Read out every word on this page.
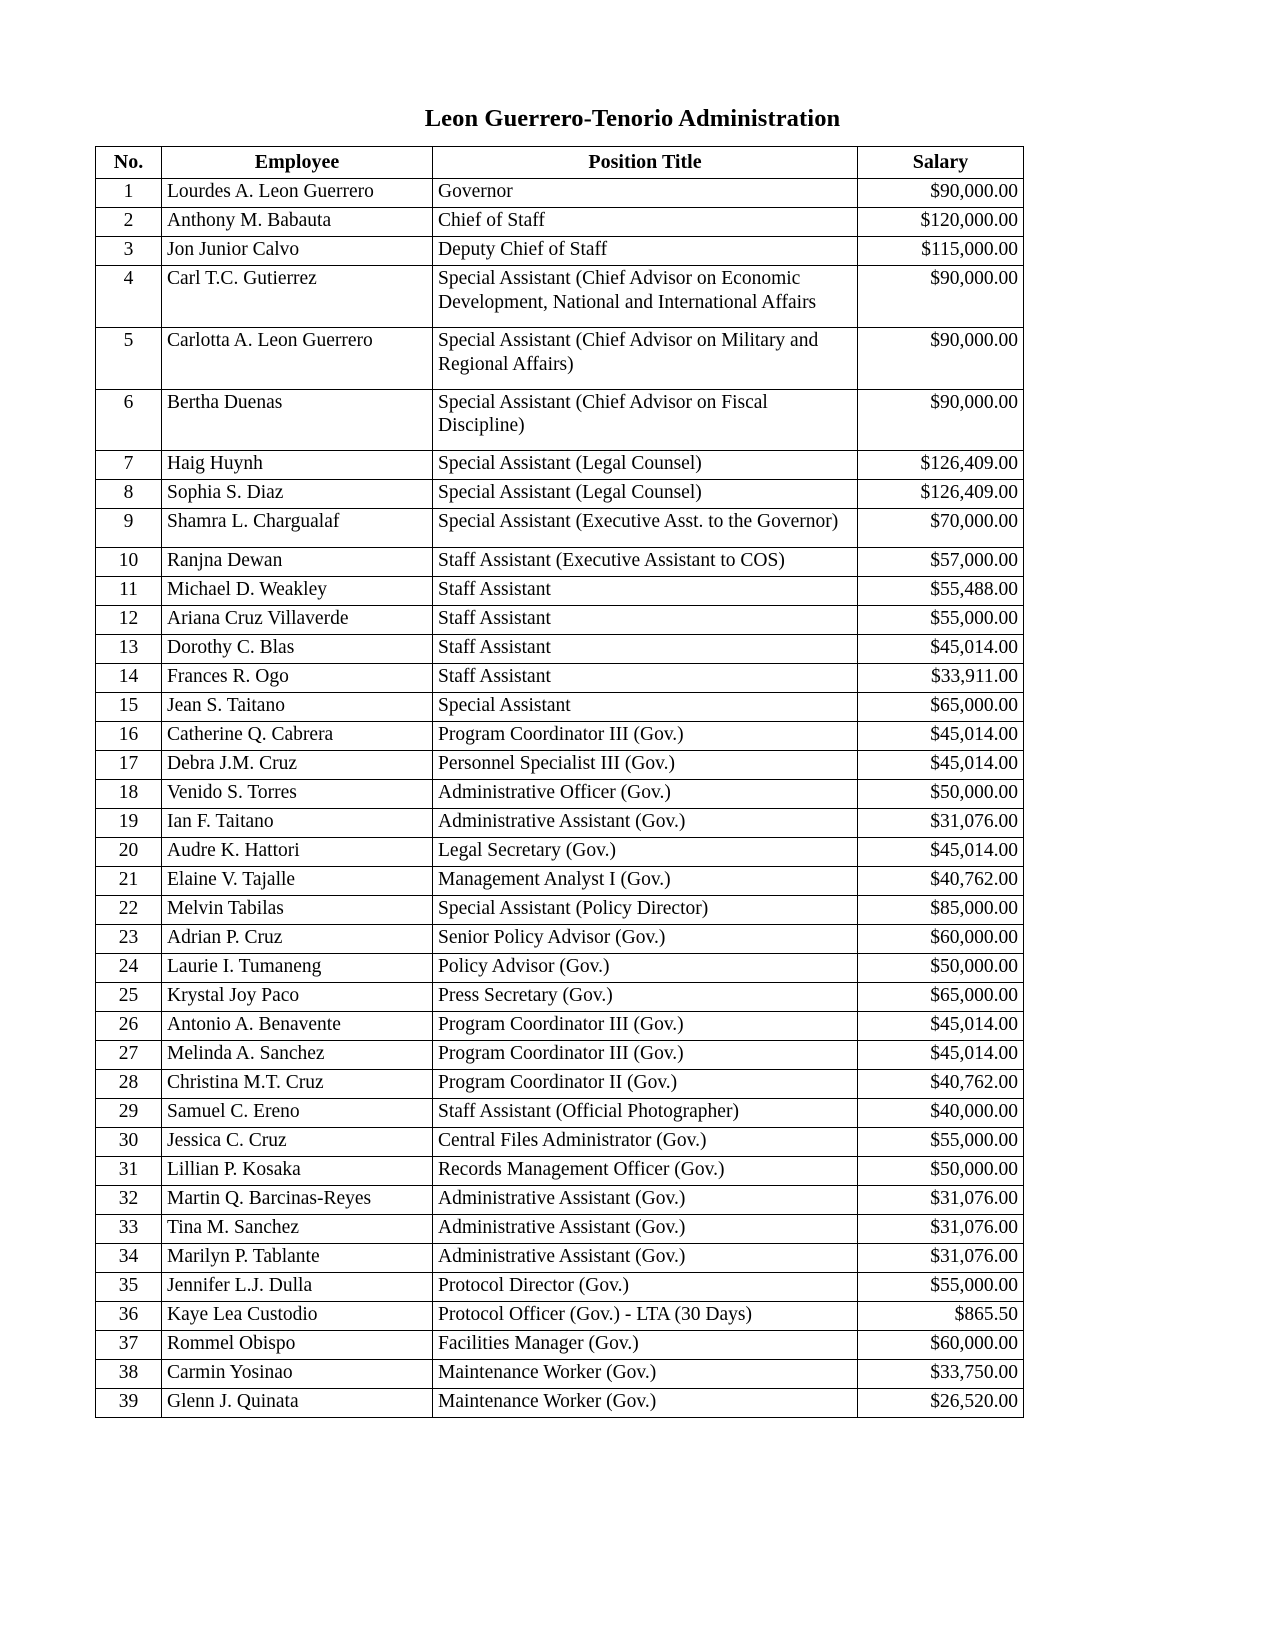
Leon Guerrero-Tenorio Administration
No.	Employee	Position Title	Salary
1	Lourdes A. Leon Guerrero	Governor	$90,000.00
2	Anthony M. Babauta	Chief of Staff	$120,000.00
3	Jon Junior Calvo	Deputy Chief of Staff	$115,000.00
4	Carl T.C. Gutierrez	Special Assistant (Chief Advisor on Economic Development, National and International Affairs	$90,000.00
5	Carlotta A. Leon Guerrero	Special Assistant (Chief Advisor on Military and Regional Affairs)	$90,000.00
6	Bertha Duenas	Special Assistant (Chief Advisor on Fiscal Discipline)	$90,000.00
7	Haig Huynh	Special Assistant (Legal Counsel)	$126,409.00
8	Sophia S. Diaz	Special Assistant (Legal Counsel)	$126,409.00
9	Shamra L. Chargualaf	Special Assistant (Executive Asst. to the Governor)	$70,000.00
10	Ranjna Dewan	Staff Assistant (Executive Assistant to COS)	$57,000.00
11	Michael D. Weakley	Staff Assistant	$55,488.00
12	Ariana Cruz Villaverde	Staff Assistant	$55,000.00
13	Dorothy C. Blas	Staff Assistant	$45,014.00
14	Frances R. Ogo	Staff Assistant	$33,911.00
15	Jean S. Taitano	Special Assistant	$65,000.00
16	Catherine Q. Cabrera	Program Coordinator III (Gov.)	$45,014.00
17	Debra J.M. Cruz	Personnel Specialist III (Gov.)	$45,014.00
18	Venido S. Torres	Administrative Officer (Gov.)	$50,000.00
19	Ian F. Taitano	Administrative Assistant (Gov.)	$31,076.00
20	Audre K. Hattori	Legal Secretary (Gov.)	$45,014.00
21	Elaine V. Tajalle	Management Analyst I (Gov.)	$40,762.00
22	Melvin Tabilas	Special Assistant (Policy Director)	$85,000.00
23	Adrian P. Cruz	Senior Policy Advisor (Gov.)	$60,000.00
24	Laurie I. Tumaneng	Policy Advisor (Gov.)	$50,000.00
25	Krystal Joy Paco	Press Secretary (Gov.)	$65,000.00
26	Antonio A. Benavente	Program Coordinator III (Gov.)	$45,014.00
27	Melinda A. Sanchez	Program Coordinator III (Gov.)	$45,014.00
28	Christina M.T. Cruz	Program Coordinator II (Gov.)	$40,762.00
29	Samuel C. Ereno	Staff Assistant (Official Photographer)	$40,000.00
30	Jessica C. Cruz	Central Files Administrator (Gov.)	$55,000.00
31	Lillian P. Kosaka	Records Management Officer (Gov.)	$50,000.00
32	Martin Q. Barcinas-Reyes	Administrative Assistant (Gov.)	$31,076.00
33	Tina M. Sanchez	Administrative Assistant (Gov.)	$31,076.00
34	Marilyn P. Tablante	Administrative Assistant (Gov.)	$31,076.00
35	Jennifer L.J. Dulla	Protocol Director (Gov.)	$55,000.00
36	Kaye Lea Custodio	Protocol Officer (Gov.) - LTA (30 Days)	$865.50
37	Rommel Obispo	Facilities Manager (Gov.)	$60,000.00
38	Carmin Yosinao	Maintenance Worker (Gov.)	$33,750.00
39	Glenn J. Quinata	Maintenance Worker (Gov.)	$26,520.00
